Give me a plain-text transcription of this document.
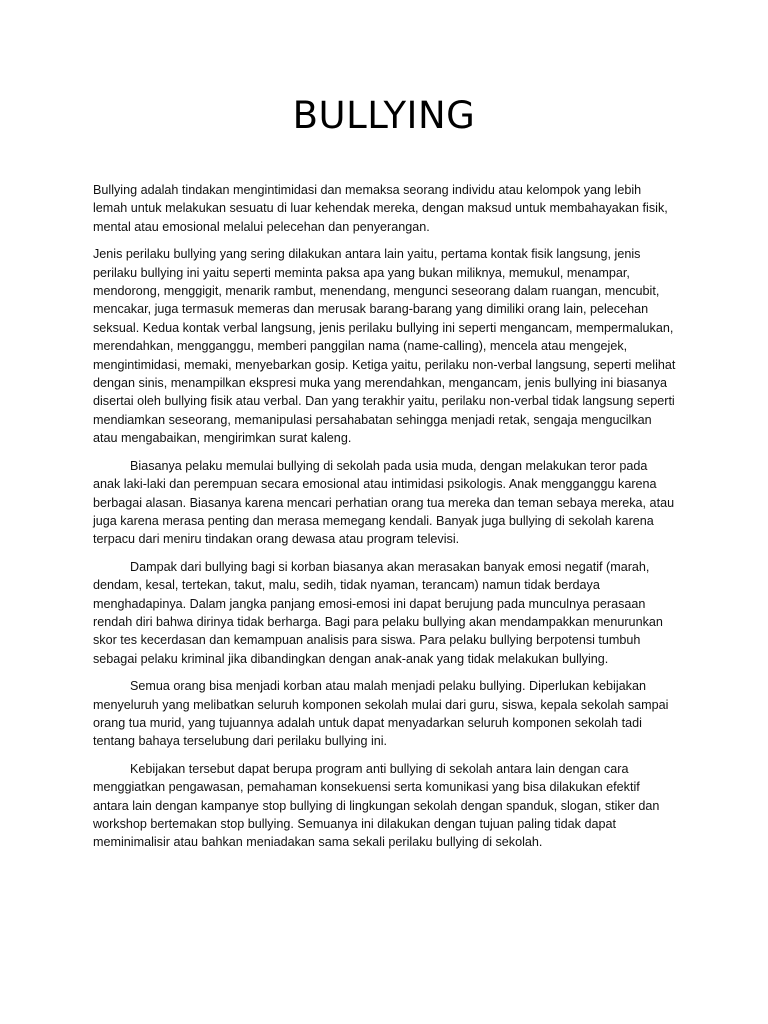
BULLYING

Bullying adalah tindakan mengintimidasi dan memaksa seorang individu atau kelompok yang lebih lemah untuk melakukan sesuatu di luar kehendak mereka, dengan maksud untuk membahayakan fisik, mental atau emosional melalui pelecehan dan penyerangan.

Jenis perilaku bullying yang sering dilakukan antara lain yaitu, pertama kontak fisik langsung, jenis perilaku bullying ini yaitu seperti meminta paksa apa yang bukan miliknya, memukul, menampar, mendorong, menggigit, menarik rambut, menendang, mengunci seseorang dalam ruangan, mencubit, mencakar, juga termasuk memeras dan merusak barang-barang yang dimiliki orang lain, pelecehan seksual. Kedua kontak verbal langsung, jenis perilaku bullying ini seperti mengancam, mempermalukan, merendahkan, mengganggu, memberi panggilan nama (name-calling), mencela atau mengejek, mengintimidasi, memaki, menyebarkan gosip. Ketiga yaitu, perilaku non-verbal langsung, seperti melihat dengan sinis, menampilkan ekspresi muka yang merendahkan, mengancam, jenis bullying ini biasanya disertai oleh bullying fisik atau verbal. Dan yang terakhir yaitu, perilaku non-verbal tidak langsung seperti mendiamkan seseorang, memanipulasi persahabatan sehingga menjadi retak, sengaja mengucilkan atau mengabaikan, mengirimkan surat kaleng.

Biasanya pelaku memulai bullying di sekolah pada usia muda, dengan melakukan teror pada anak laki-laki dan perempuan secara emosional atau intimidasi psikologis. Anak mengganggu karena berbagai alasan. Biasanya karena mencari perhatian orang tua mereka dan teman sebaya mereka, atau juga karena merasa penting dan merasa memegang kendali. Banyak juga bullying di sekolah karena terpacu dari meniru tindakan orang dewasa atau program televisi.

Dampak dari bullying bagi si korban biasanya akan merasakan banyak emosi negatif (marah, dendam, kesal, tertekan, takut, malu, sedih, tidak nyaman, terancam) namun tidak berdaya menghadapinya. Dalam jangka panjang emosi-emosi ini dapat berujung pada munculnya perasaan rendah diri bahwa dirinya tidak berharga. Bagi para pelaku bullying akan mendampakkan menurunkan skor tes kecerdasan dan kemampuan analisis para siswa. Para pelaku bullying berpotensi tumbuh sebagai pelaku kriminal jika dibandingkan dengan anak-anak yang tidak melakukan bullying.

Semua orang bisa menjadi korban atau malah menjadi pelaku bullying. Diperlukan kebijakan menyeluruh yang melibatkan seluruh komponen sekolah mulai dari guru, siswa, kepala sekolah sampai orang tua murid, yang tujuannya adalah untuk dapat menyadarkan seluruh komponen sekolah tadi tentang bahaya terselubung dari perilaku bullying ini.

Kebijakan tersebut dapat berupa program anti bullying di sekolah antara lain dengan cara menggiatkan pengawasan, pemahaman konsekuensi serta komunikasi yang bisa dilakukan efektif antara lain dengan kampanye stop bullying di lingkungan sekolah dengan spanduk, slogan, stiker dan workshop bertemakan stop bullying. Semuanya ini dilakukan dengan tujuan paling tidak dapat meminimalisir atau bahkan meniadakan sama sekali perilaku bullying di sekolah.
